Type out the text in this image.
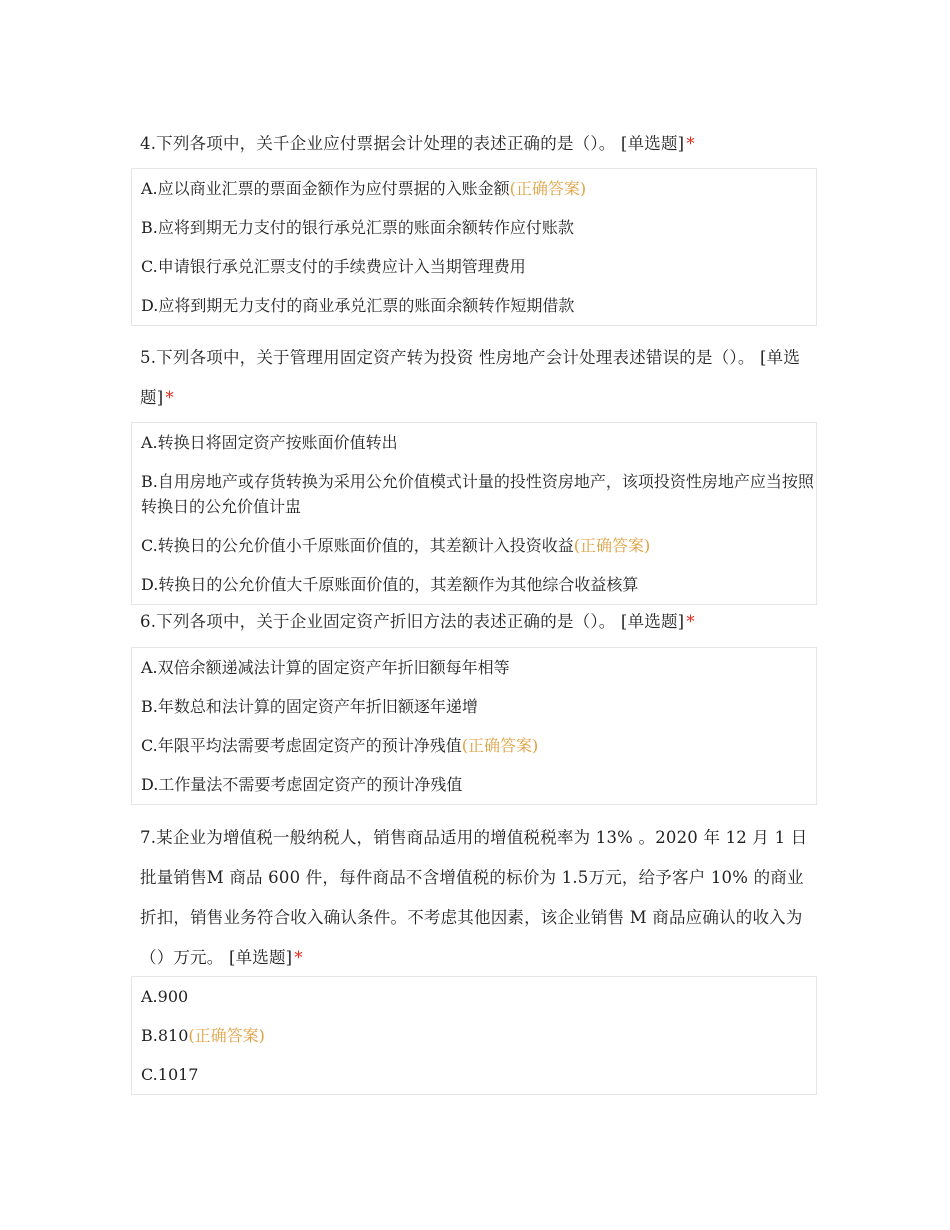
4.下列各项中，关千企业应付票据会计处理的表述正确的是（）。 [单选题] *
A.应以商业汇票的票面金额作为应付票据的入账金额(正确答案)
B.应将到期无力支付的银行承兑汇票的账面余额转作应付账款
C.申请银行承兑汇票支付的手续费应计入当期管理费用
D.应将到期无力支付的商业承兑汇票的账面余额转作短期借款
5.下列各项中，关于管理用固定资产转为投资 性房地产会计处理表述错误的是（）。 [单选题] *
A.转换日将固定资产按账面价值转出
B.自用房地产或存货转换为采用公允价值模式计量的投性资房地产，该项投资性房地产应当按照转换日的公允价值计盅
C.转换日的公允价值小千原账面价值的，其差额计入投资收益(正确答案)
D.转换日的公允价值大千原账面价值的，其差额作为其他综合收益核算
6.下列各项中，关于企业固定资产折旧方法的表述正确的是（）。 [单选题] *
A.双倍余额递减法计算的固定资产年折旧额每年相等
B.年数总和法计算的固定资产年折旧额逐年递增
C.年限平均法需要考虑固定资产的预计净残值(正确答案)
D.工作量法不需要考虑固定资产的预计净残值
7.某企业为增值税一般纳税人，销售商品适用的增值税税率为 13% 。2020 年 12 月 1 日批量销售M 商品 600 件，每件商品不含增值税的标价为 1.5万元，给予客户 10% 的商业折扣，销售业务符合收入确认条件。不考虑其他因素，该企业销售 M 商品应确认的收入为（）万元。 [单选题] *
A.900
B.810(正确答案)
C.1017
